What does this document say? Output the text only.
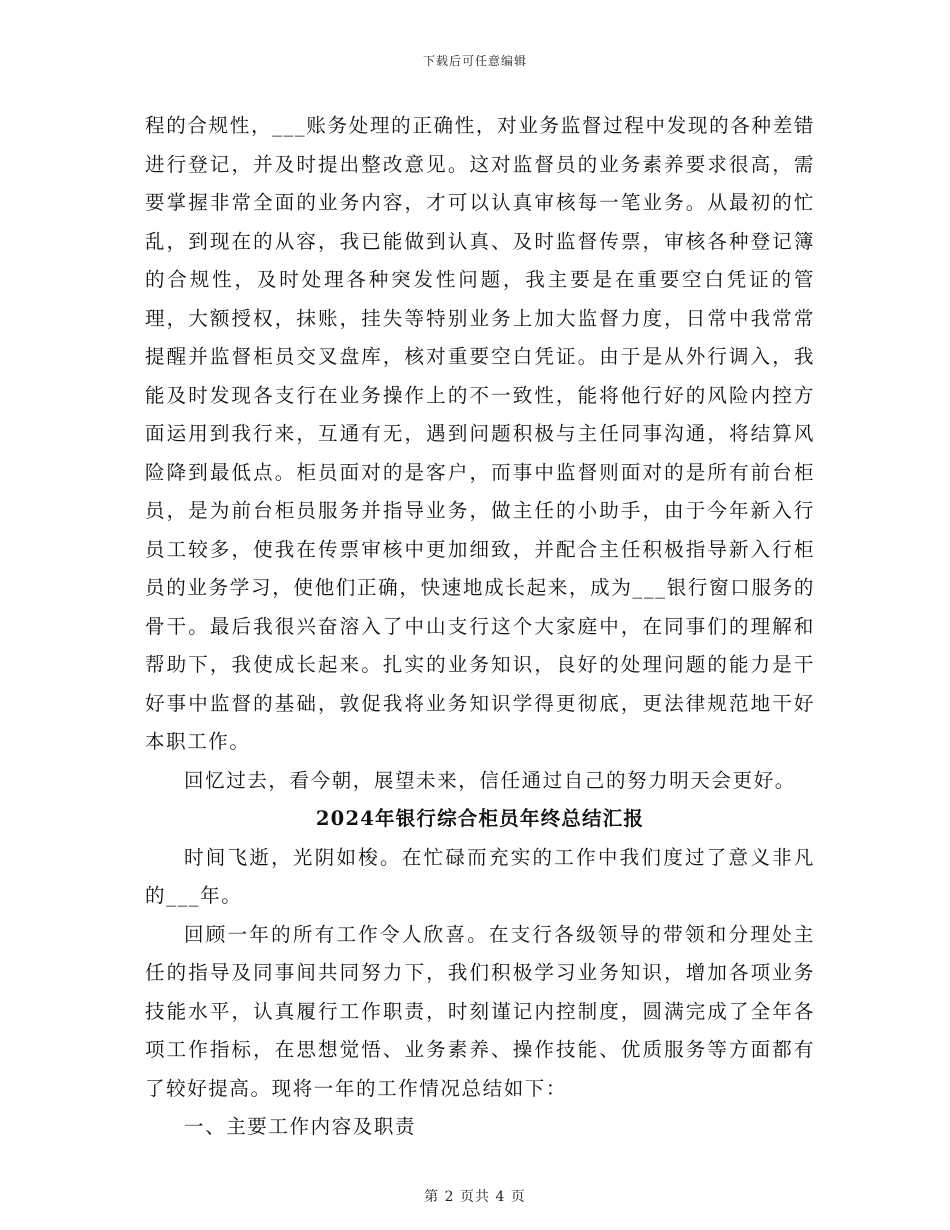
下载后可任意编辑

程的合规性，___账务处理的正确性，对业务监督过程中发现的各种差错进行登记，并及时提出整改意见。这对监督员的业务素养要求很高，需要掌握非常全面的业务内容，才可以认真审核每一笔业务。从最初的忙乱，到现在的从容，我已能做到认真、及时监督传票，审核各种登记簿的合规性，及时处理各种突发性问题，我主要是在重要空白凭证的管理，大额授权，抹账，挂失等特别业务上加大监督力度，日常中我常常提醒并监督柜员交叉盘库，核对重要空白凭证。由于是从外行调入，我能及时发现各支行在业务操作上的不一致性，能将他行好的风险内控方面运用到我行来，互通有无，遇到问题积极与主任同事沟通，将结算风险降到最低点。柜员面对的是客户，而事中监督则面对的是所有前台柜员，是为前台柜员服务并指导业务，做主任的小助手，由于今年新入行员工较多，使我在传票审核中更加细致，并配合主任积极指导新入行柜员的业务学习，使他们正确，快速地成长起来，成为___银行窗口服务的骨干。最后我很兴奋溶入了中山支行这个大家庭中，在同事们的理解和帮助下，我使成长起来。扎实的业务知识，良好的处理问题的能力是干好事中监督的基础，敦促我将业务知识学得更彻底，更法律规范地干好本职工作。

回忆过去，看今朝，展望未来，信任通过自己的努力明天会更好。

2024年银行综合柜员年终总结汇报

时间飞逝，光阴如梭。在忙碌而充实的工作中我们度过了意义非凡的___年。

回顾一年的所有工作令人欣喜。在支行各级领导的带领和分理处主任的指导及同事间共同努力下，我们积极学习业务知识，增加各项业务技能水平，认真履行工作职责，时刻谨记内控制度，圆满完成了全年各项工作指标，在思想觉悟、业务素养、操作技能、优质服务等方面都有了较好提高。现将一年的工作情况总结如下：

一、主要工作内容及职责

第 2 页共 4 页
